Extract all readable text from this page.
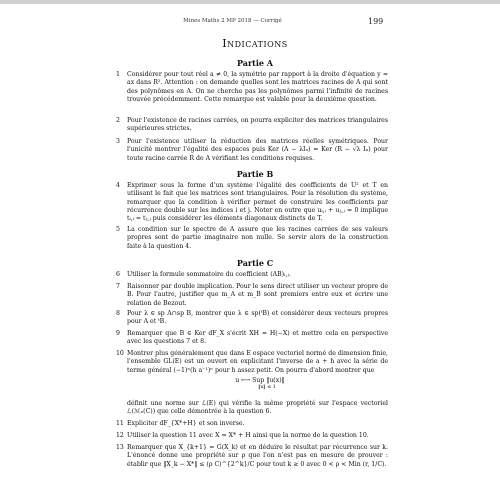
Mines Maths 2 MP 2018 — Corrigé	199
Indications
Partie A
1 Considérer pour tout réel a ≠ 0, la symétrie par rapport à la droite d'équation y = ax dans R². Attention : on demande quelles sont les matrices racines de A qui sont des polynômes en A. On ne cherche pas les polynômes parmi l'infinité de racines trouvée précédemment. Cette remarque est valable pour la deuxième question.
2 Pour l'existence de racines carrées, on pourra expliciter des matrices triangulaires supérieures strictes.
3 Pour l'existence utiliser la réduction des matrices réelles symétriques. Pour l'unicité montrer l'égalité des espaces puis Ker (A − λIₙ) = Ker (R − √λ Iₙ) pour toute racine carrée R de A vérifiant les conditions requises.
Partie B
4 Exprimer sous la forme d'un système l'égalité des coefficients de U² et T en utilisant le fait que les matrices sont triangulaires. Pour la résolution du système, remarquer que la condition à vérifier permet de construire les coefficients par récurrence double sur les indices i et j. Noter en outre que uᵢ,ᵢ + uⱼ,ⱼ = 0 implique tᵢ,ᵢ = tⱼ,ⱼ puis considérer les éléments diagonaux distincts de T.
5 La condition sur le spectre de A assure que les racines carrées de ses valeurs propres sont de partie imaginaire non nulle. Se servir alors de la construction faite à la question 4.
Partie C
6 Utiliser la formule sommatoire du coefficient (AB)ᵢ,ⱼ.
7 Raisonner par double implication. Pour le sens direct utiliser un vecteur propre de B. Pour l'autre, justifier que m_A et m_B sont premiers entre eux et écrire une relation de Bezout.
8 Pour λ ∈ sp A∩sp B, montrer que λ ∈ sp(ᵗB) et considérer deux vecteurs propres pour A et ᵗB.
9 Remarquer que B ∈ Ker dF_X s'écrit XH = H(−X) et mettre cela en perspective avec les questions 7 et 8.
10 Montrer plus généralement que dans E espace vectoriel normé de dimension finie, l'ensemble GL(E) est un ouvert en explicitant l'inverse de a + h avec la série de terme général (−1)ⁿ(h a⁻¹)ⁿ pour h assez petit. On pourra d'abord montrer que
u ⟼ Sup ‖u(x)‖
‖x‖ ≤ 1
définit une norme sur ℒ(E) qui vérifie la même propriété sur l'espace vectoriel ℒ(ℳₙ(C)) que celle démontrée à la question 6.
11 Expliciter dF_{X*+H} et son inverse.
12 Utiliser la question 11 avec X = X* + H ainsi que la norme de la question 10.
13 Remarquer que X_{k+1} = G(X_k) et en déduire le résultat par récurrence sur k. L'énoncé donne une propriété sur ρ que l'on n'est pas en mesure de prouver : établir que ‖X_k − X*‖ ≤ (ρ C)^{2^k}/C pour tout k ≥ 0 avec 0 < ρ < Min (r, 1/C).
